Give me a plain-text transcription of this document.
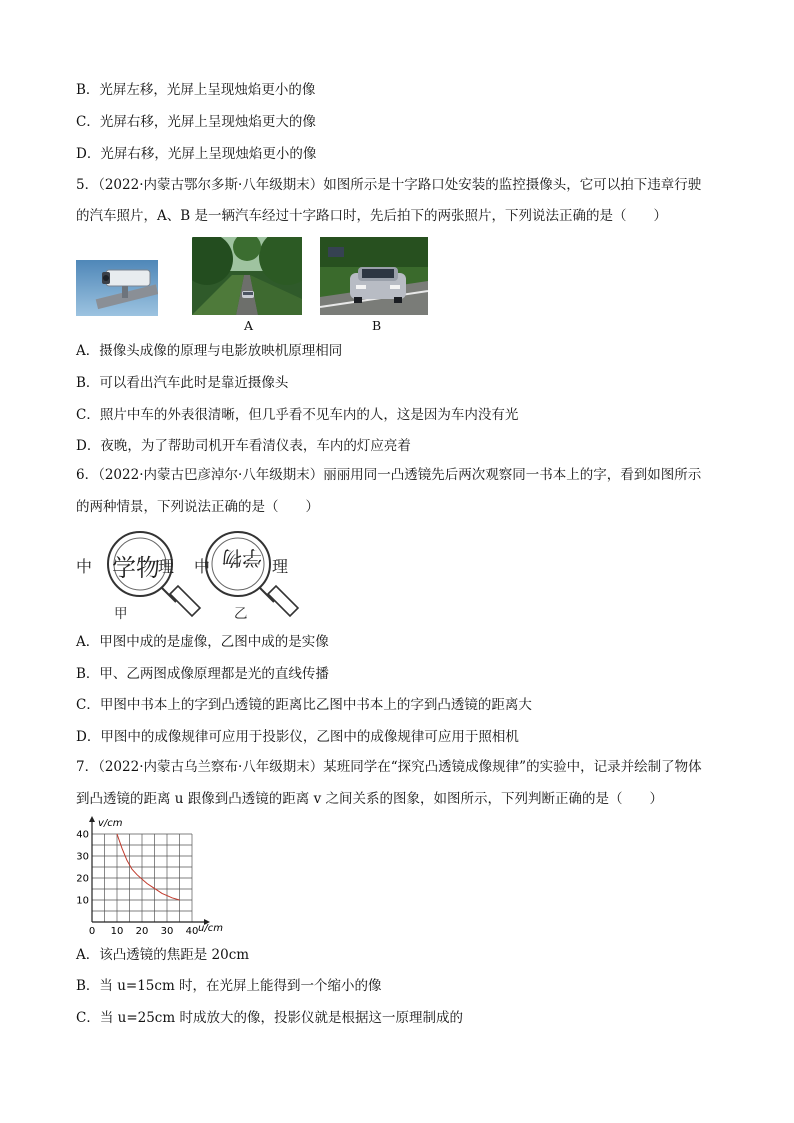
B．光屏左移，光屏上呈现烛焰更小的像
C．光屏右移，光屏上呈现烛焰更大的像
D．光屏右移，光屏上呈现烛焰更小的像
5．（2022·内蒙古鄂尔多斯·八年级期末）如图所示是十字路口处安装的监控摄像头，它可以拍下违章行驶
的汽车照片，A、B 是一辆汽车经过十字路口时，先后拍下的两张照片，下列说法正确的是（　　）
A	B
A．摄像头成像的原理与电影放映机原理相同
B．可以看出汽车此时是靠近摄像头
C．照片中车的外表很清晰，但几乎看不见车内的人，这是因为车内没有光
D．夜晚，为了帮助司机开车看清仪表，车内的灯应亮着
6．（2022·内蒙古巴彦淖尔·八年级期末）丽丽用同一凸透镜先后两次观察同一书本上的字，看到如图所示
的两种情景，下列说法正确的是（　　）
中 学物
理
甲
中 学物 理
乙
A．甲图中成的是虚像，乙图中成的是实像
B．甲、乙两图成像原理都是光的直线传播
C．甲图中书本上的字到凸透镜的距离比乙图中书本上的字到凸透镜的距离大
D．甲图中的成像规律可应用于投影仪，乙图中的成像规律可应用于照相机
7．（2022·内蒙古乌兰察布·八年级期末）某班同学在“探究凸透镜成像规律”的实验中，记录并绘制了物体
到凸透镜的距离 u 跟像到凸透镜的距离 v 之间关系的图象，如图所示，下列判断正确的是（　　）
0 10 20 30 40
10
20
30
40
v/cm
u/cm
A．该凸透镜的焦距是 20cm
B．当 u=15cm 时，在光屏上能得到一个缩小的像
C．当 u=25cm 时成放大的像，投影仪就是根据这一原理制成的
